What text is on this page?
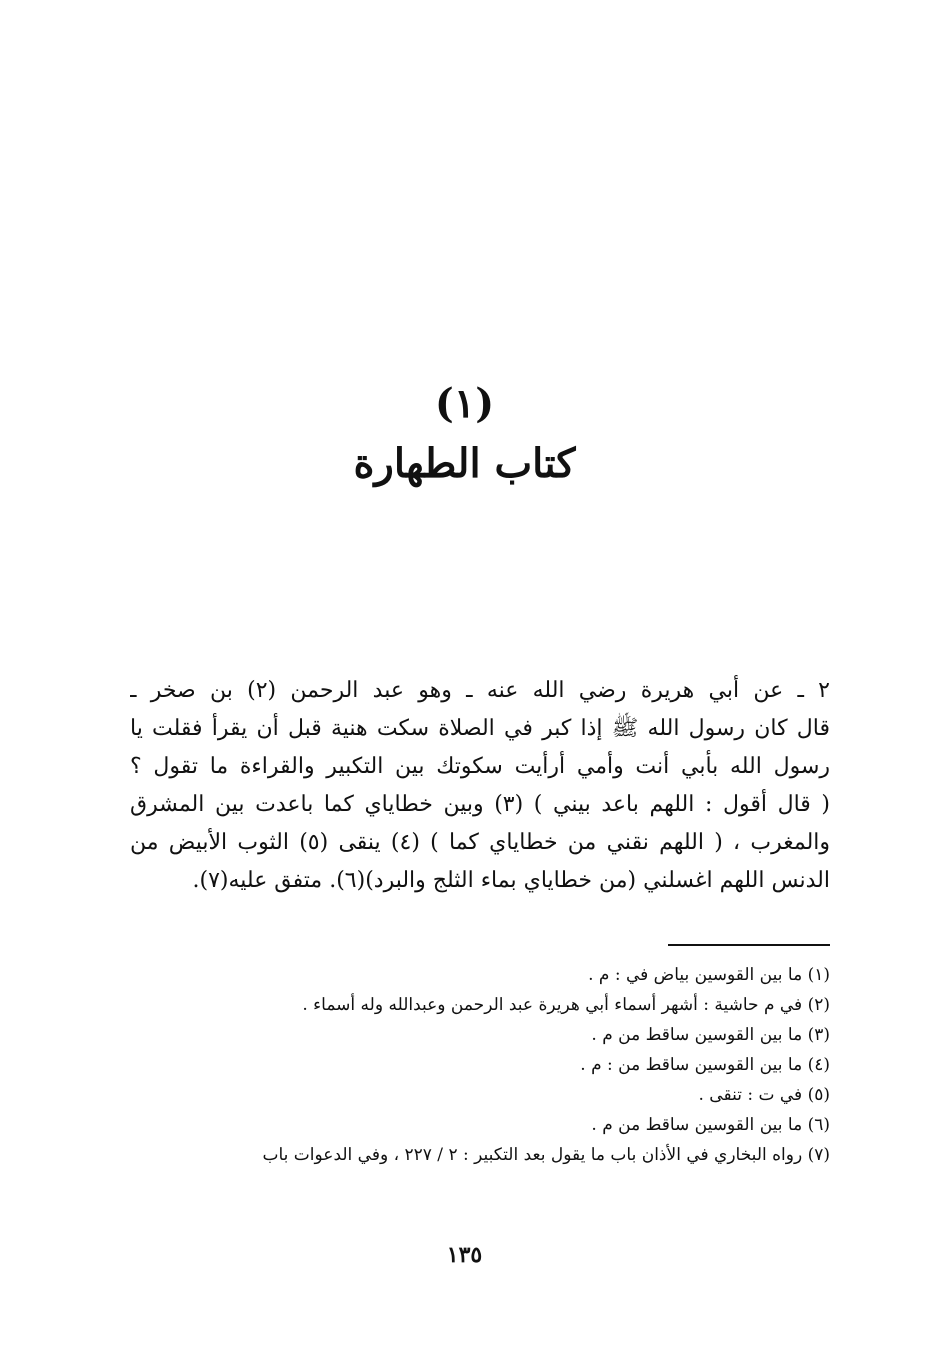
(١)
كتاب الطهارة
٢ ـ عن أبي هريرة رضي الله عنه ـ وهو عبد الرحمن (٢) بن صخر ـ
قال كان رسول الله ﷺ إذا كبر في الصلاة سكت هنية قبل أن يقرأ فقلت يا
رسول الله بأبي أنت وأمي أرأيت سكوتك بين التكبير والقراءة ما تقول ؟
( قال أقول : اللهم باعد بيني ) (٣) وبين خطاياي كما باعدت بين المشرق
والمغرب ، ( اللهم نقني من خطاياي كما ) (٤) ينقى (٥) الثوب الأبيض من
الدنس اللهم اغسلني (من خطاياي بماء الثلج والبرد)(٦). متفق عليه(٧).
(١) ما بين القوسين بياض في : م .
(٢) في م حاشية : أشهر أسماء أبي هريرة عبد الرحمن وعبدالله وله أسماء .
(٣) ما بين القوسين ساقط من م .
(٤) ما بين القوسين ساقط من : م .
(٥) في ت : تنقى .
(٦) ما بين القوسين ساقط من م .
(٧) رواه البخاري في الأذان باب ما يقول بعد التكبير : ٢ / ٢٢٧ ، وفي الدعوات باب
١٣٥
